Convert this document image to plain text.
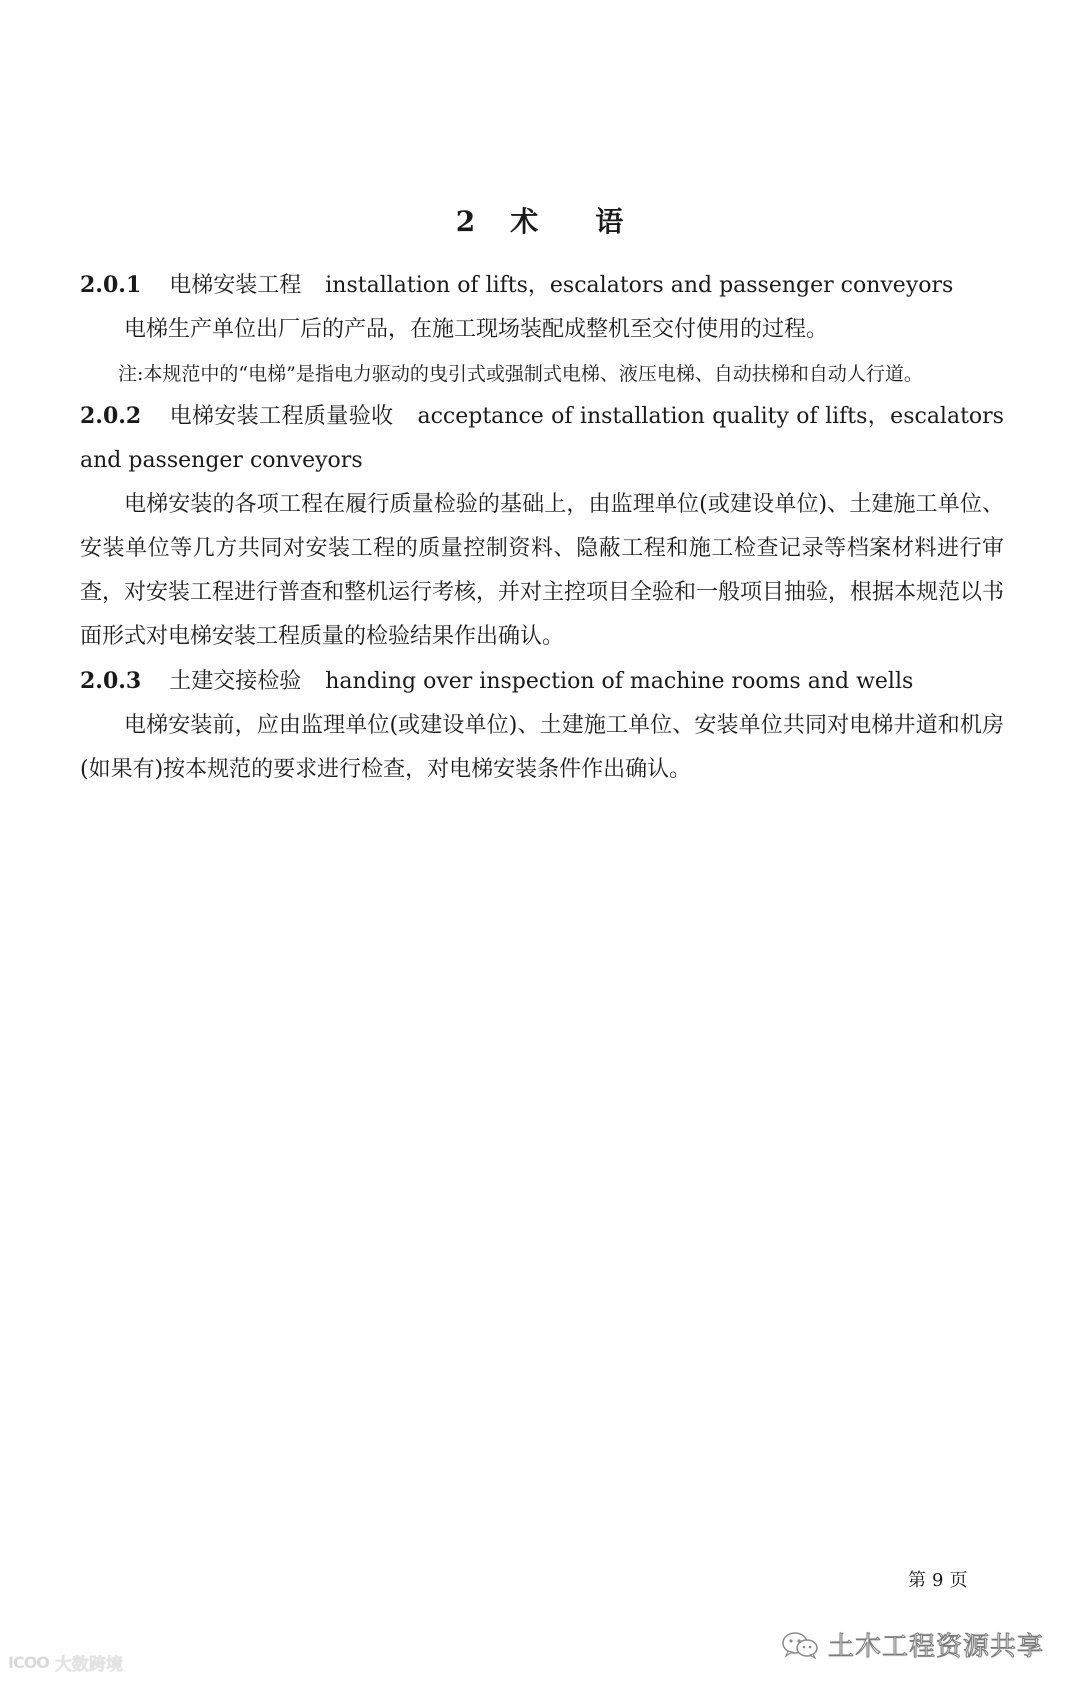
2 术 语
2.0.1 电梯安装工程 installation of lifts，escalators and passenger conveyors
电梯生产单位出厂后的产品，在施工现场装配成整机至交付使用的过程。
注:本规范中的“电梯”是指电力驱动的曳引式或强制式电梯、液压电梯、自动扶梯和自动人行道。
2.0.2 电梯安装工程质量验收 acceptance of installation quality of lifts，escalators and passenger conveyors
电梯安装的各项工程在履行质量检验的基础上，由监理单位(或建设单位)、土建施工单位、安装单位等几方共同对安装工程的质量控制资料、隐蔽工程和施工检查记录等档案材料进行审查，对安装工程进行普查和整机运行考核，并对主控项目全验和一般项目抽验，根据本规范以书面形式对电梯安装工程质量的检验结果作出确认。
2.0.3 土建交接检验 handing over inspection of machine rooms and wells
电梯安装前，应由监理单位(或建设单位)、土建施工单位、安装单位共同对电梯井道和机房(如果有)按本规范的要求进行检查，对电梯安装条件作出确认。
第 9 页
ICOO 大数跨境
土木工程资源共享
